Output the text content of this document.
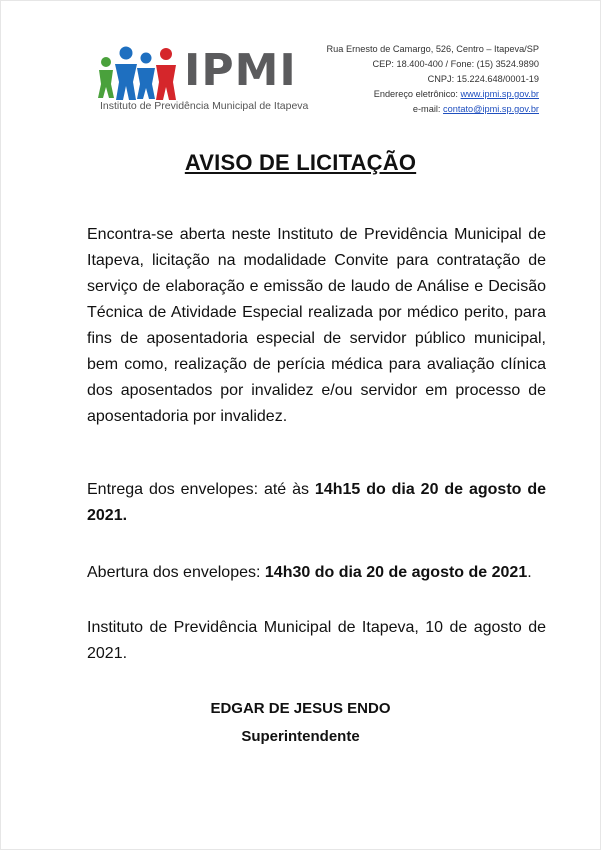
IPMI
Instituto de Previdência Municipal de Itapeva
Rua Ernesto de Camargo, 526, Centro – Itapeva/SP
CEP: 18.400-400 / Fone: (15) 3524.9890
CNPJ: 15.224.648/0001-19
Endereço eletrônico: www.ipmi.sp.gov.br
e-mail: contato@ipmi.sp.gov.br
AVISO DE LICITAÇÃO
Encontra-se aberta neste Instituto de Previdência Municipal de Itapeva, licitação na modalidade Convite para contratação de serviço de elaboração e emissão de laudo de Análise e Decisão Técnica de Atividade Especial realizada por médico perito, para fins de aposentadoria especial de servidor público municipal, bem como, realização de perícia médica para avaliação clínica dos aposentados por invalidez e/ou servidor em processo de aposentadoria por invalidez.
Entrega dos envelopes: até às 14h15 do dia 20 de agosto de 2021.
Abertura dos envelopes: 14h30 do dia 20 de agosto de 2021.
Instituto de Previdência Municipal de Itapeva, 10 de agosto de 2021.
EDGAR DE JESUS ENDO
Superintendente
